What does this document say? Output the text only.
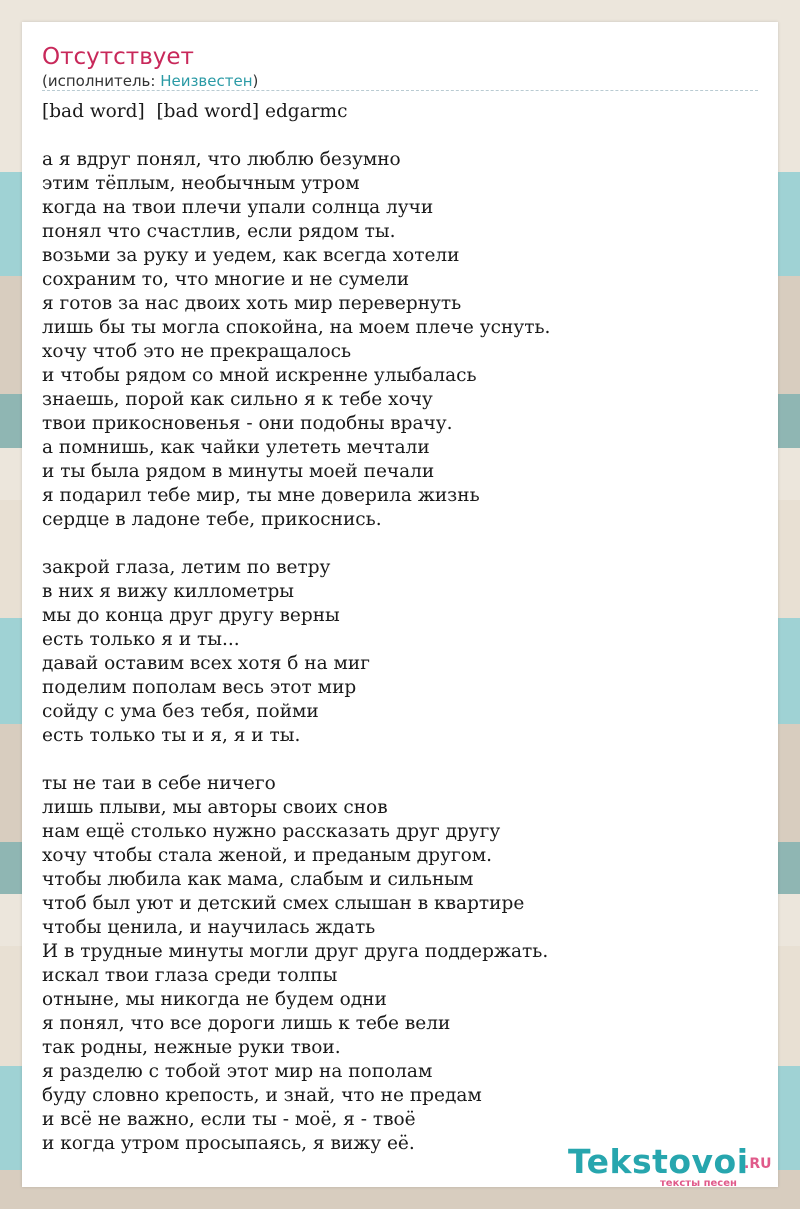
Отсутствует
(исполнитель: Неизвестен)
[bad word]  [bad word] edgarmc
а я вдруг понял, что люблю безумно
этим тёплым, необычным утром
когда на твои плечи упали солнца лучи
понял что счастлив, если рядом ты.
возьми за руку и уедем, как всегда хотели
сохраним то, что многие и не сумели
я готов за нас двоих хоть мир перевернуть
лишь бы ты могла спокойна, на моем плече уснуть.
хочу чтоб это не прекращалось
и чтобы рядом со мной искренне улыбалась
знаешь, порой как сильно я к тебе хочу
твои прикосновенья - они подобны врачу.
а помнишь, как чайки улететь мечтали
и ты была рядом в минуты моей печали
я подарил тебе мир, ты мне доверила жизнь
сердце в ладоне тебе, прикоснись.
закрой глаза, летим по ветру
в них я вижу киллометры
мы до конца друг другу верны
есть только я и ты...
давай оставим всех хотя б на миг
поделим пополам весь этот мир
сойду с ума без тебя, пойми
есть только ты и я, я и ты.
ты не таи в себе ничего
лишь плыви, мы авторы своих снов
нам ещё столько нужно рассказать друг другу
хочу чтобы стала женой, и преданым другом.
чтобы любила как мама, слабым и сильным
чтоб был уют и детский смех слышан в квартире
чтобы ценила, и научилась ждать
И в трудные минуты могли друг друга поддержать.
искал твои глаза среди толпы
отныне, мы никогда не будем одни
я понял, что все дороги лишь к тебе вели
так родны, нежные руки твои.
я разделю с тобой этот мир на пополам
буду словно крепость, и знай, что не предам
и всё не важно, если ты - моё, я - твоё
и когда утром просыпаясь, я вижу её.	Tekstovoi
.RU
тексты песен
